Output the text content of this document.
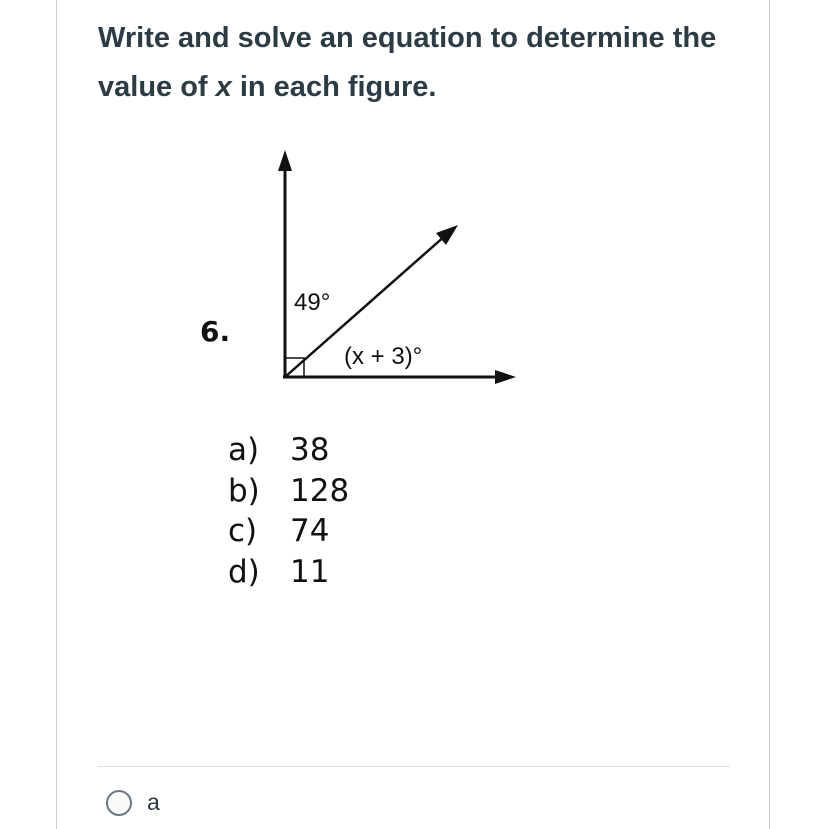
Write and solve an equation to determine the value of x in each figure.
6.
49°
(x + 3)°
a) 38
b) 128
c) 74
d) 11
a
